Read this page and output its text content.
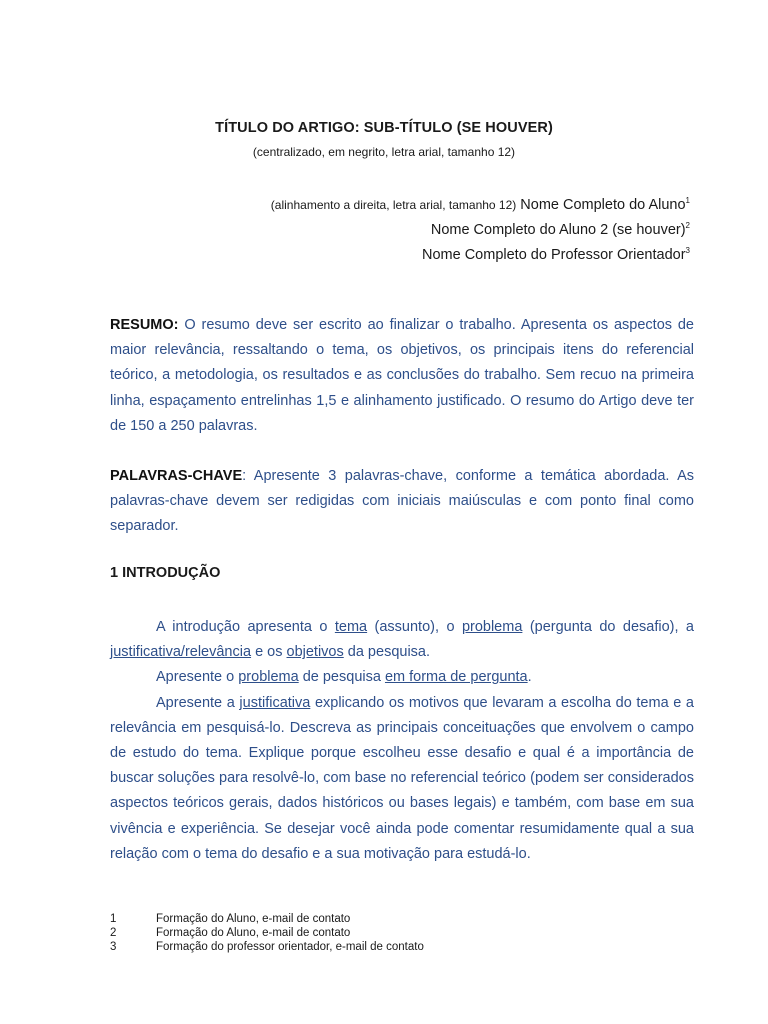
TÍTULO DO ARTIGO: SUB-TÍTULO (SE HOUVER)
(centralizado, em negrito, letra arial, tamanho 12)
(alinhamento a direita, letra arial, tamanho 12) Nome Completo do Aluno$^1$
Nome Completo do Aluno 2 (se houver)$^2$
Nome Completo do Professor Orientador$^3$
RESUMO: O resumo deve ser escrito ao finalizar o trabalho. Apresenta os aspectos de maior relevância, ressaltando o tema, os objetivos, os principais itens do referencial teórico, a metodologia, os resultados e as conclusões do trabalho. Sem recuo na primeira linha, espaçamento entrelinhas 1,5 e alinhamento justificado. O resumo do Artigo deve ter de 150 a 250 palavras.
PALAVRAS-CHAVE: Apresente 3 palavras-chave, conforme a temática abordada. As palavras-chave devem ser redigidas com iniciais maiúsculas e com ponto final como separador.
1 INTRODUÇÃO
A introdução apresenta o tema (assunto), o problema (pergunta do desafio), a justificativa/relevância e os objetivos da pesquisa.
Apresente o problema de pesquisa em forma de pergunta.
Apresente a justificativa explicando os motivos que levaram a escolha do tema e a relevância em pesquisá-lo. Descreva as principais conceituações que envolvem o campo de estudo do tema. Explique porque escolheu esse desafio e qual é a importância de buscar soluções para resolvê-lo, com base no referencial teórico (podem ser considerados aspectos teóricos gerais, dados históricos ou bases legais) e também, com base em sua vivência e experiência. Se desejar você ainda pode comentar resumidamente qual a sua relação com o tema do desafio e a sua motivação para estudá-lo.
1	Formação do Aluno, e-mail de contato
2	Formação do Aluno, e-mail de contato
3	Formação do professor orientador, e-mail de contato
